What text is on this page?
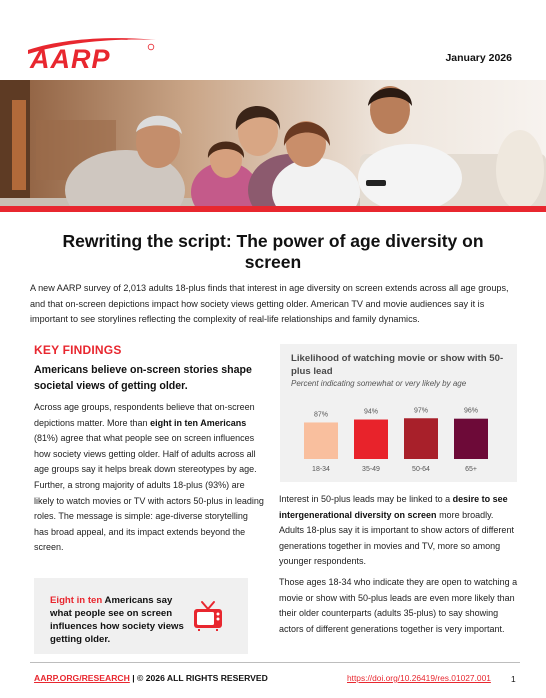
AARP	January 2026
Rewriting the script: The power of age diversity on screen
A new AARP survey of 2,013 adults 18-plus finds that interest in age diversity on screen extends across all age groups, and that on-screen depictions impact how society views getting older. American TV and movie audiences say it is important to see storylines reflecting the complexity of real-life relationships and family dynamics.
KEY FINDINGS
Americans believe on-screen stories shape societal views of getting older.
Across age groups, respondents believe that on-screen depictions matter. More than eight in ten Americans (81%) agree that what people see on screen influences how society views getting older. Half of adults across all age groups say it helps break down stereotypes by age. Further, a strong majority of adults 18-plus (93%) are likely to watch movies or TV with actors 50-plus in leading roles. The message is simple: age-diverse storytelling has broad appeal, and its impact extends beyond the screen.
Eight in ten Americans say what people see on screen influences how society views getting older.
Likelihood of watching movie or show with 50-plus lead
Percent indicating somewhat or very likely by age
87%
18-34
94%
35-49
97%
50-64
96%
65+
Interest in 50-plus leads may be linked to a desire to see intergenerational diversity on screen more broadly. Adults 18-plus say it is important to show actors of different generations together in movies and TV, more so among younger respondents.
Those ages 18-34 who indicate they are open to watching a movie or show with 50-plus leads are even more likely than their older counterparts (adults 35-plus) to say showing actors of different generations together is very important.
AARP.ORG/RESEARCH | © 2026 ALL RIGHTS RESERVED	https://doi.org/10.26419/res.01027.001 1
